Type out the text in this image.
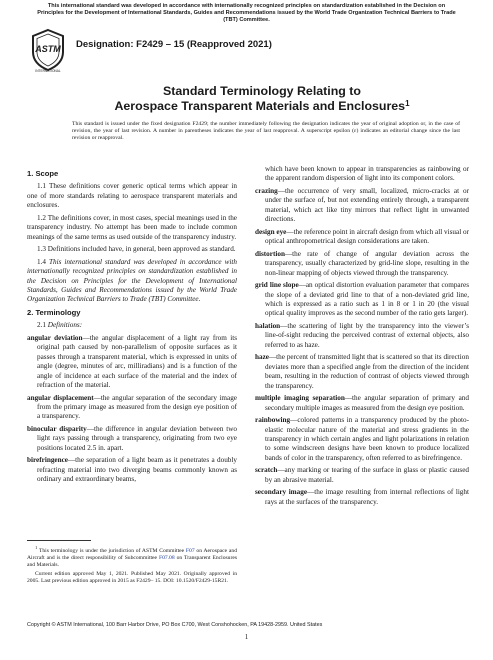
This international standard was developed in accordance with internationally recognized principles on standardization established in the Decision on Principles for the Development of International Standards, Guides and Recommendations issued by the World Trade Organization Technical Barriers to Trade (TBT) Committee.
ASTM
INTERNATIONAL
Designation: F2429 – 15 (Reapproved 2021)
Standard Terminology Relating to
Aerospace Transparent Materials and Enclosures$^1$
This standard is issued under the fixed designation F2429; the number immediately following the designation indicates the year of original adoption or, in the case of revision, the year of last revision. A number in parentheses indicates the year of last reapproval. A superscript epsilon (ε) indicates an editorial change since the last revision or reapproval.

1. Scope

1.1 These definitions cover generic optical terms which appear in one of more standards relating to aerospace transparent materials and enclosures.

1.2 The definitions cover, in most cases, special meanings used in the transparency industry. No attempt has been made to include common meanings of the same terms as used outside of the transparency industry.

1.3 Definitions included have, in general, been approved as standard.

1.4 This international standard was developed in accordance with internationally recognized principles on standardization established in the Decision on Principles for the Development of International Standards, Guides and Recommendations issued by the World Trade Organization Technical Barriers to Trade (TBT) Committee.

2. Terminology

2.1 Definitions:

angular deviation—the angular displacement of a light ray from its original path caused by non-parallelism of opposite surfaces as it passes through a transparent material, which is expressed in units of angle (degree, minutes of arc, milliradians) and is a function of the angle of incidence at each surface of the material and the index of refraction of the material.

angular displacement—the angular separation of the secondary image from the primary image as measured from the design eye position of a transparency.

binocular disparity—the difference in angular deviation between two light rays passing through a transparency, originating from two eye positions located 2.5 in. apart.

birefringence—the separation of a light beam as it penetrates a doubly refracting material into two diverging beams commonly known as ordinary and extraordinary beams,

which have been known to appear in transparencies as rainbowing or the apparent random dispersion of light into its component colors.

crazing—the occurrence of very small, localized, micro-cracks at or under the surface of, but not extending entirely through, a transparent material, which act like tiny mirrors that reflect light in unwanted directions.

design eye—the reference point in aircraft design from which all visual or optical anthropometrical design considerations are taken.

distortion—the rate of change of angular deviation across the transparency, usually characterized by grid-line slope, resulting in the non-linear mapping of objects viewed through the transparency.

grid line slope—an optical distortion evaluation parameter that compares the slope of a deviated grid line to that of a non-deviated grid line, which is expressed as a ratio such as 1 in 8 or 1 in 20 (the visual optical quality improves as the second number of the ratio gets larger).

halation—the scattering of light by the transparency into the viewer’s line-of-sight reducing the perceived contrast of external objects, also referred to as haze.

haze—the percent of transmitted light that is scattered so that its direction deviates more than a specified angle from the direction of the incident beam, resulting in the reduction of contrast of objects viewed through the transparency.

multiple imaging separation—the angular separation of primary and secondary multiple images as measured from the design eye position.

rainbowing—colored patterns in a transparency produced by the photo-elastic molecular nature of the material and stress gradients in the transparency in which certain angles and light polarizations in relation to some windscreen designs have been known to produce localized bands of color in the transparency, often referred to as birefringence.

scratch—any marking or tearing of the surface in glass or plastic caused by an abrasive material.

secondary image—the image resulting from internal reflections of light rays at the surfaces of the transparency.

$^1$ This terminology is under the jurisdiction of ASTM Committee F07 on Aerospace and Aircraft and is the direct responsibility of Subcommittee F07.08 on Transparent Enclosures and Materials.

Current edition approved May 1, 2021. Published May 2021. Originally approved in 2005. Last previous edition approved in 2015 as F2429– 15. DOI: 10.1520/F2429-15R21.

Copyright © ASTM International, 100 Barr Harbor Drive, PO Box C700, West Conshohocken, PA 19428-2959. United States
1
